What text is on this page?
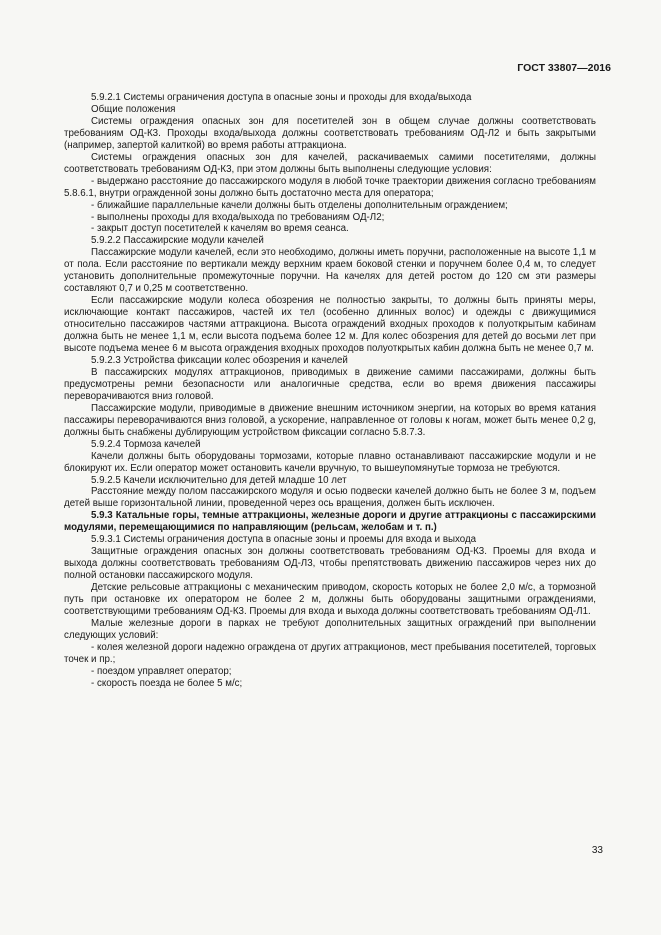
ГОСТ 33807—2016

5.9.2.1 Системы ограничения доступа в опасные зоны и проходы для входа/выхода

Общие положения

Системы ограждения опасных зон для посетителей зон в общем случае должны соответствовать требованиям ОД-К3. Проходы входа/выхода должны соответствовать требованиям ОД-Л2 и быть закрытыми (например, запертой калиткой) во время работы аттракциона.

Системы ограждения опасных зон для качелей, раскачиваемых самими посетителями, должны соответствовать требованиям ОД-К3, при этом должны быть выполнены следующие условия:

- выдержано расстояние до пассажирского модуля в любой точке траектории движения согласно требованиям 5.8.6.1, внутри огражденной зоны должно быть достаточно места для оператора;

- ближайшие параллельные качели должны быть отделены дополнительным ограждением;

- выполнены проходы для входа/выхода по требованиям ОД-Л2;

- закрыт доступ посетителей к качелям во время сеанса.

5.9.2.2 Пассажирские модули качелей

Пассажирские модули качелей, если это необходимо, должны иметь поручни, расположенные на высоте 1,1 м от пола. Если расстояние по вертикали между верхним краем боковой стенки и поручнем более 0,4 м, то следует установить дополнительные промежуточные поручни. На качелях для детей ростом до 120 см эти размеры составляют 0,7 и 0,25 м соответственно.

Если пассажирские модули колеса обозрения не полностью закрыты, то должны быть приняты меры, исключающие контакт пассажиров, частей их тел (особенно длинных волос) и одежды с движущимися относительно пассажиров частями аттракциона. Высота ограждений входных проходов к полуоткрытым кабинам должна быть не менее 1,1 м, если высота подъема более 12 м. Для колес обозрения для детей до восьми лет при высоте подъема менее 6 м высота ограждения входных проходов полуоткрытых кабин должна быть не менее 0,7 м.

5.9.2.3 Устройства фиксации колес обозрения и качелей

В пассажирских модулях аттракционов, приводимых в движение самими пассажирами, должны быть предусмотрены ремни безопасности или аналогичные средства, если во время движения пассажиры переворачиваются вниз головой.

Пассажирские модули, приводимые в движение внешним источником энергии, на которых во время катания пассажиры переворачиваются вниз головой, а ускорение, направленное от головы к ногам, может быть менее 0,2 g, должны быть снабжены дублирующим устройством фиксации согласно 5.8.7.3.

5.9.2.4 Тормоза качелей

Качели должны быть оборудованы тормозами, которые плавно останавливают пассажирские модули и не блокируют их. Если оператор может остановить качели вручную, то вышеупомянутые тормоза не требуются.

5.9.2.5 Качели исключительно для детей младше 10 лет

Расстояние между полом пассажирского модуля и осью подвески качелей должно быть не более 3 м, подъем детей выше горизонтальной линии, проведенной через ось вращения, должен быть исключен.

5.9.3 Катальные горы, темные аттракционы, железные дороги и другие аттракционы с пассажирскими модулями, перемещающимися по направляющим (рельсам, желобам и т. п.)

5.9.3.1 Системы ограничения доступа в опасные зоны и проемы для входа и выхода

Защитные ограждения опасных зон должны соответствовать требованиям ОД-К3. Проемы для входа и выхода должны соответствовать требованиям ОД-Л3, чтобы препятствовать движению пассажиров через них до полной остановки пассажирского модуля.

Детские рельсовые аттракционы с механическим приводом, скорость которых не более 2,0 м/с, а тормозной путь при остановке их оператором не более 2 м, должны быть оборудованы защитными ограждениями, соответствующими требованиям ОД-К3. Проемы для входа и выхода должны соответствовать требованиям ОД-Л1.

Малые железные дороги в парках не требуют дополнительных защитных ограждений при выполнении следующих условий:

- колея железной дороги надежно ограждена от других аттракционов, мест пребывания посетителей, торговых точек и пр.;

- поездом управляет оператор;

- скорость поезда не более 5 м/с;

33
